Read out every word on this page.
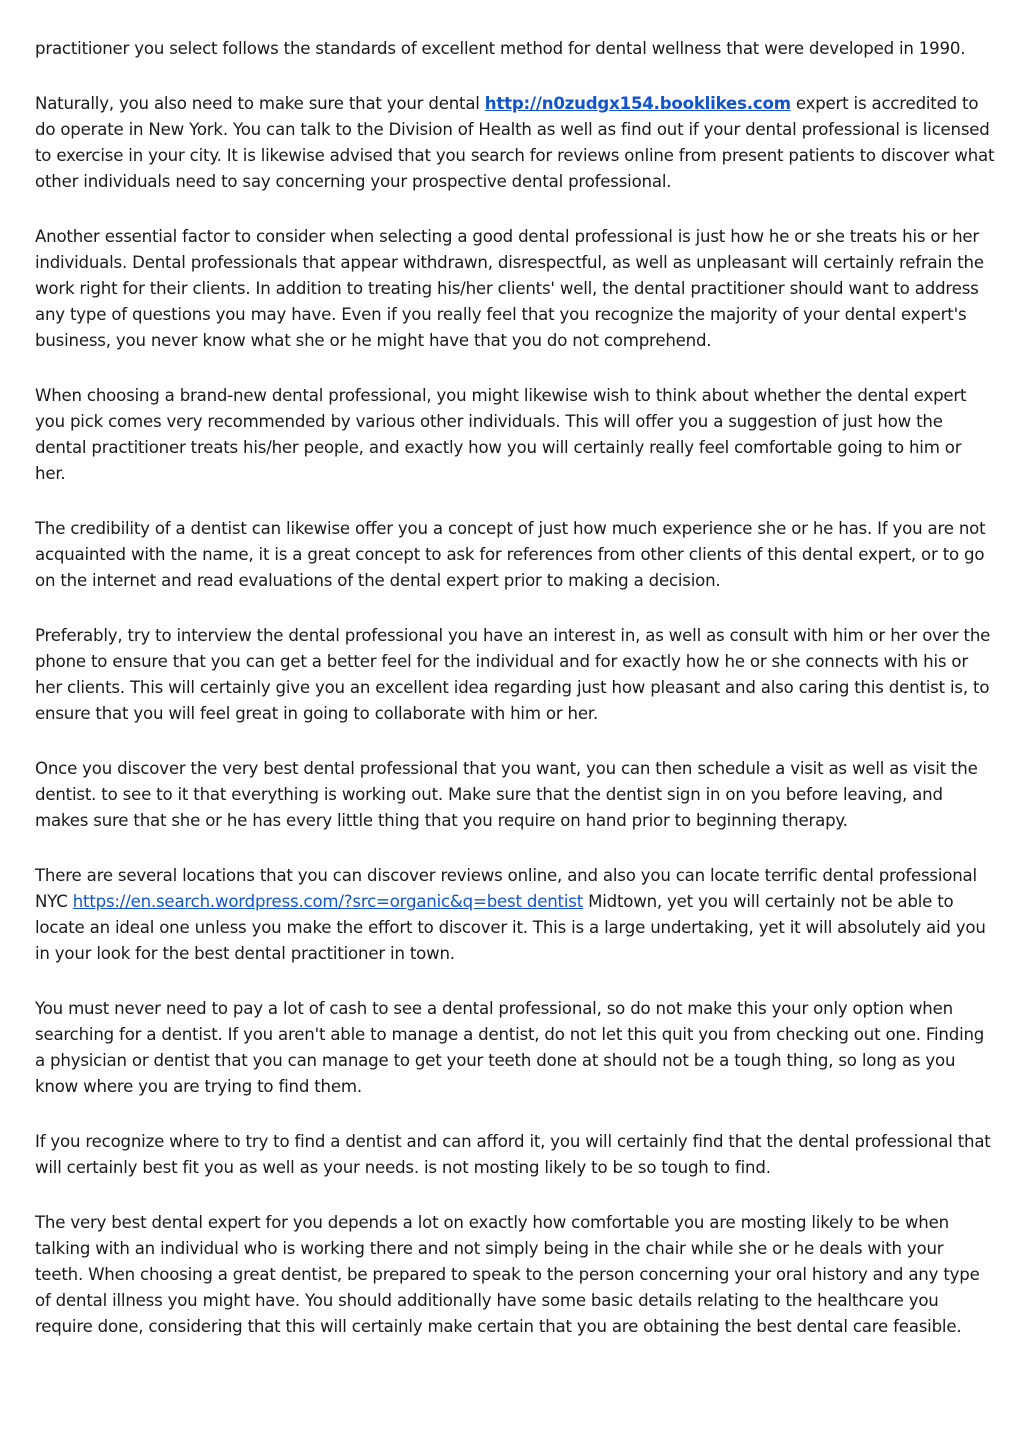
practitioner you select follows the standards of excellent method for dental wellness that were developed in 1990.

Naturally, you also need to make sure that your dental http://n0zudgx154.booklikes.com expert is accredited to do operate in New York. You can talk to the Division of Health as well as find out if your dental professional is licensed to exercise in your city. It is likewise advised that you search for reviews online from present patients to discover what other individuals need to say concerning your prospective dental professional.

Another essential factor to consider when selecting a good dental professional is just how he or she treats his or her individuals. Dental professionals that appear withdrawn, disrespectful, as well as unpleasant will certainly refrain the work right for their clients. In addition to treating his/her clients' well, the dental practitioner should want to address any type of questions you may have. Even if you really feel that you recognize the majority of your dental expert's business, you never know what she or he might have that you do not comprehend.

When choosing a brand-new dental professional, you might likewise wish to think about whether the dental expert you pick comes very recommended by various other individuals. This will offer you a suggestion of just how the dental practitioner treats his/her people, and exactly how you will certainly really feel comfortable going to him or her.

The credibility of a dentist can likewise offer you a concept of just how much experience she or he has. If you are not acquainted with the name, it is a great concept to ask for references from other clients of this dental expert, or to go on the internet and read evaluations of the dental expert prior to making a decision.

Preferably, try to interview the dental professional you have an interest in, as well as consult with him or her over the phone to ensure that you can get a better feel for the individual and for exactly how he or she connects with his or her clients. This will certainly give you an excellent idea regarding just how pleasant and also caring this dentist is, to ensure that you will feel great in going to collaborate with him or her.

Once you discover the very best dental professional that you want, you can then schedule a visit as well as visit the dentist. to see to it that everything is working out. Make sure that the dentist sign in on you before leaving, and makes sure that she or he has every little thing that you require on hand prior to beginning therapy.

There are several locations that you can discover reviews online, and also you can locate terrific dental professional NYC https://en.search.wordpress.com/?src=organic&q=best dentist Midtown, yet you will certainly not be able to locate an ideal one unless you make the effort to discover it. This is a large undertaking, yet it will absolutely aid you in your look for the best dental practitioner in town.

You must never need to pay a lot of cash to see a dental professional, so do not make this your only option when searching for a dentist. If you aren't able to manage a dentist, do not let this quit you from checking out one. Finding a physician or dentist that you can manage to get your teeth done at should not be a tough thing, so long as you know where you are trying to find them.

If you recognize where to try to find a dentist and can afford it, you will certainly find that the dental professional that will certainly best fit you as well as your needs. is not mosting likely to be so tough to find.

The very best dental expert for you depends a lot on exactly how comfortable you are mosting likely to be when talking with an individual who is working there and not simply being in the chair while she or he deals with your teeth. When choosing a great dentist, be prepared to speak to the person concerning your oral history and any type of dental illness you might have. You should additionally have some basic details relating to the healthcare you require done, considering that this will certainly make certain that you are obtaining the best dental care feasible.
